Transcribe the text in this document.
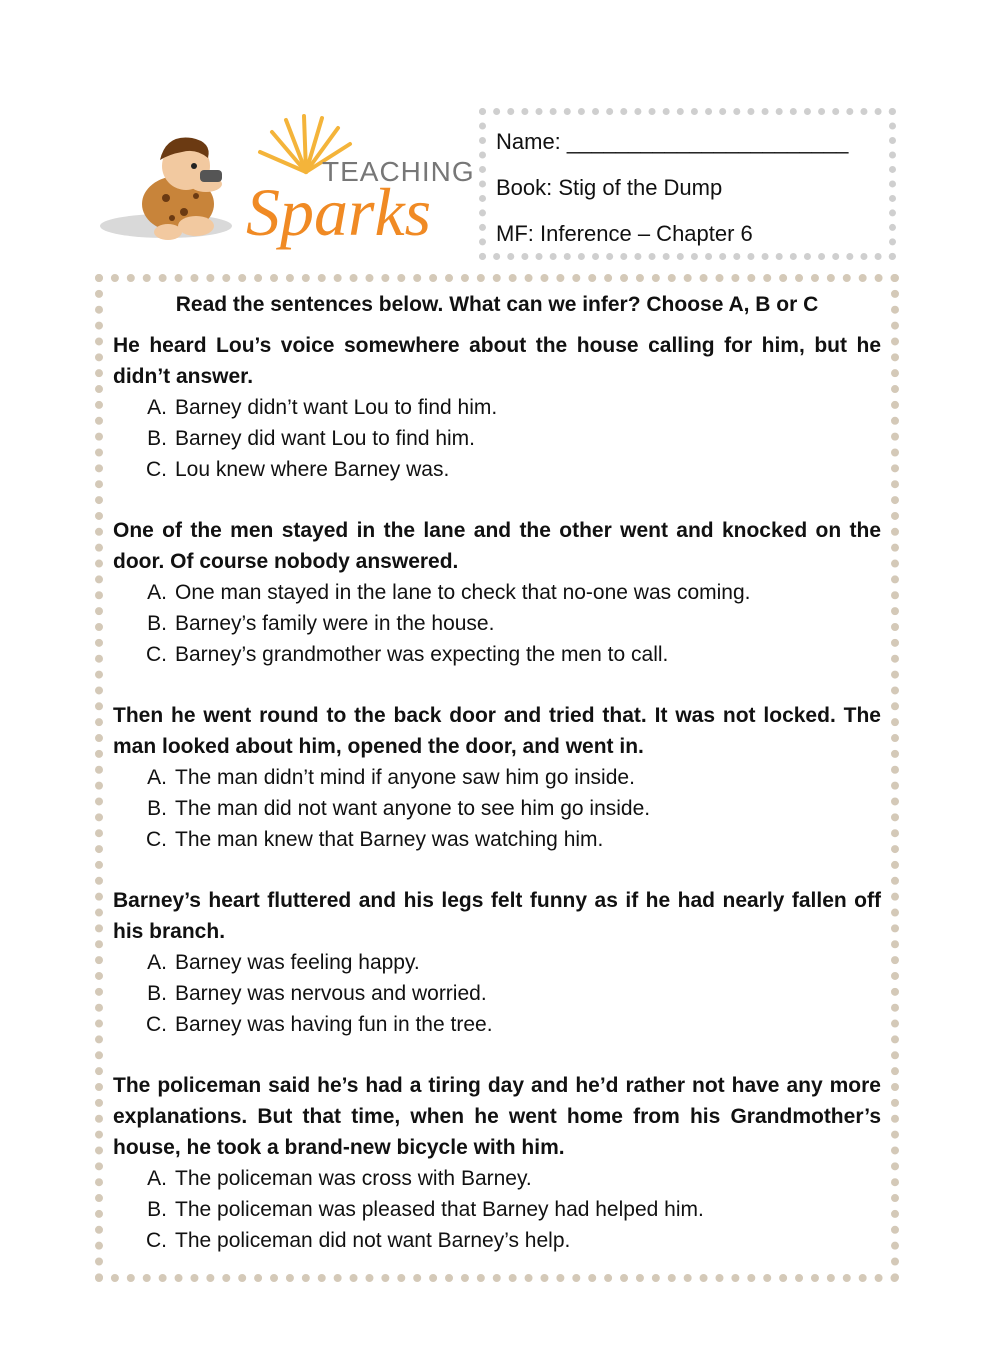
TEACHING
Sparks
Name: _______________________
Book: Stig of the Dump
MF: Inference – Chapter 6
Read the sentences below. What can we infer? Choose A, B or C
He heard Lou’s voice somewhere about the house calling for him, but he didn’t answer.
A. Barney didn’t want Lou to find him.
B. Barney did want Lou to find him.
C. Lou knew where Barney was.
One of the men stayed in the lane and the other went and knocked on the door. Of course nobody answered.
A. One man stayed in the lane to check that no-one was coming.
B. Barney’s family were in the house.
C. Barney’s grandmother was expecting the men to call.
Then he went round to the back door and tried that. It was not locked. The man looked about him, opened the door, and went in.
A. The man didn’t mind if anyone saw him go inside.
B. The man did not want anyone to see him go inside.
C. The man knew that Barney was watching him.
Barney’s heart fluttered and his legs felt funny as if he had nearly fallen off his branch.
A. Barney was feeling happy.
B. Barney was nervous and worried.
C. Barney was having fun in the tree.
The policeman said he’s had a tiring day and he’d rather not have any more explanations. But that time, when he went home from his Grandmother’s house, he took a brand-new bicycle with him.
A. The policeman was cross with Barney.
B. The policeman was pleased that Barney had helped him.
C. The policeman did not want Barney’s help.
